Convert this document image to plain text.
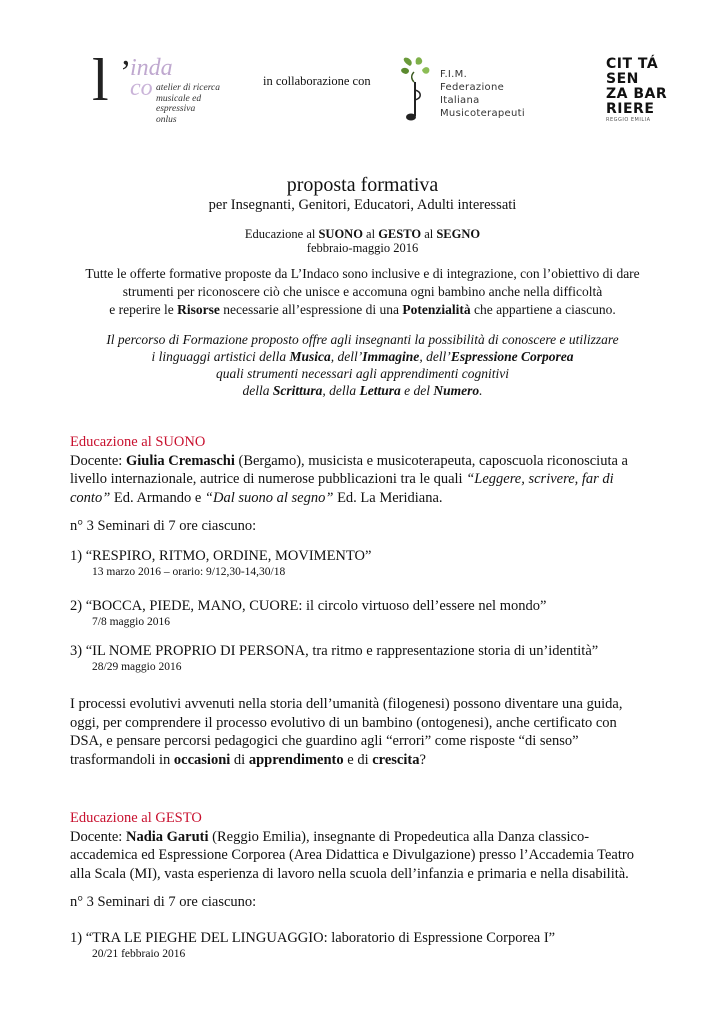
l ’
inda
co atelier di ricerca
musicale ed espressiva
onlus
in collaborazione con	F.I.M.
Federazione
Italiana
Musicoterapeuti
CIT TÁ
SEN
ZA BAR
RIERE
REGGIO EMILIA
proposta formativa
per Insegnanti, Genitori, Educatori, Adulti interessati
Educazione al SUONO al GESTO al SEGNO
febbraio-maggio 2016

Tutte le offerte formative proposte da L’Indaco sono inclusive e di integrazione, con l’obiettivo di dare

strumenti per riconoscere ciò che unisce e accomuna ogni bambino anche nella difficoltà

e reperire le Risorse necessarie all’espressione di una Potenzialità che appartiene a ciascuno.

Il percorso di Formazione proposto offre agli insegnanti la possibilità di conoscere e utilizzare

i linguaggi artistici della Musica, dell’Immagine, dell’Espressione Corporea

quali strumenti necessari agli apprendimenti cognitivi

della Scrittura, della Lettura e del Numero.

Educazione al SUONO

Docente: Giulia Cremaschi (Bergamo), musicista e musicoterapeuta, caposcuola riconosciuta a livello internazionale, autrice di numerose pubblicazioni tra le quali “Leggere, scrivere, far di conto” Ed. Armando e “Dal suono al segno” Ed. La Meridiana.

n° 3 Seminari di 7 ore ciascuno:
1) “RESPIRO, RITMO, ORDINE, MOVIMENTO”
13 marzo 2016 – orario: 9/12,30-14,30/18
2) “BOCCA, PIEDE, MANO, CUORE: il circolo virtuoso dell’essere nel mondo”
7/8 maggio 2016
3) “IL NOME PROPRIO DI PERSONA, tra ritmo e rappresentazione storia di un’identità”
28/29 maggio 2016

I processi evolutivi avvenuti nella storia dell’umanità (filogenesi) possono diventare una guida, oggi, per comprendere il processo evolutivo di un bambino (ontogenesi), anche certificato con DSA, e pensare percorsi pedagogici che guardino agli “errori” come risposte “di senso” trasformandoli in occasioni di apprendimento e di crescita?

Educazione al GESTO

Docente: Nadia Garuti (Reggio Emilia), insegnante di Propedeutica alla Danza classico-accademica ed Espressione Corporea (Area Didattica e Divulgazione) presso l’Accademia Teatro alla Scala (MI), vasta esperienza di lavoro nella scuola dell’infanzia e primaria e nella disabilità.

n° 3 Seminari di 7 ore ciascuno:
1) “TRA LE PIEGHE DEL LINGUAGGIO: laboratorio di Espressione Corporea I”
20/21 febbraio 2016
